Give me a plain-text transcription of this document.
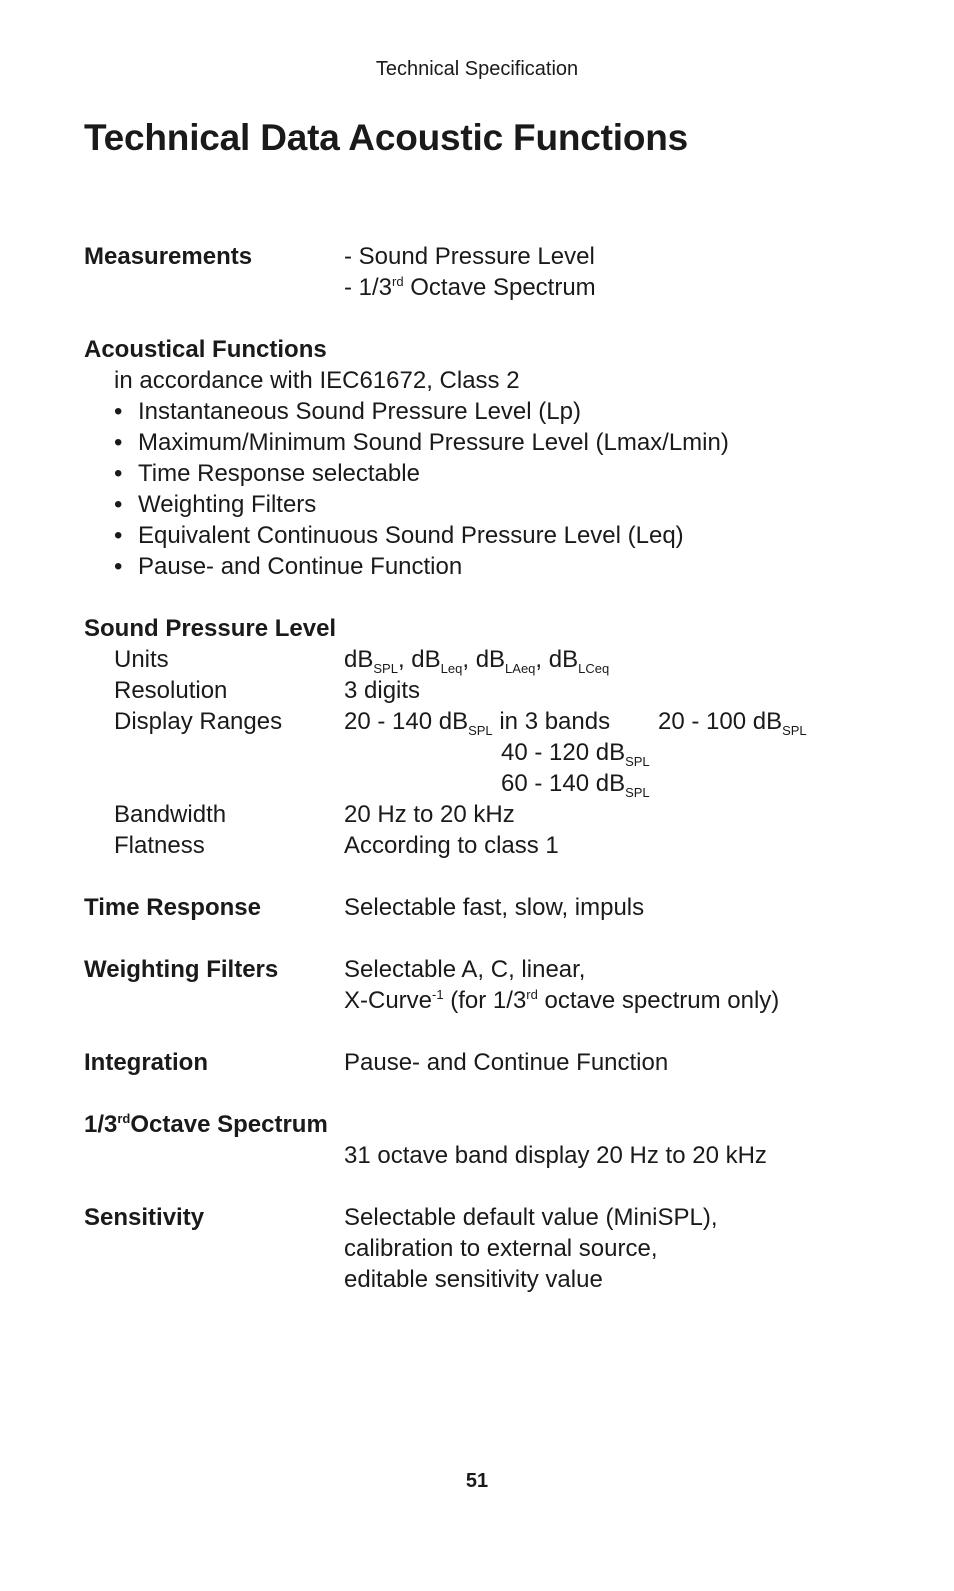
Technical Specification
Technical Data Acoustic Functions
Measurements	- Sound Pressure Level
- 1/3rd Octave Spectrum
Acoustical Functions
in accordance with IEC61672, Class 2
• Instantaneous Sound Pressure Level (Lp)
• Maximum/Minimum Sound Pressure Level (Lmax/Lmin)
• Time Response selectable
• Weighting Filters
• Equivalent Continuous Sound Pressure Level (Leq)
• Pause- and Continue Function
Sound Pressure Level
Units	$dB_{SPL}$, $dB_{Leq}$, $dB_{LAeq}$, $dB_{LCeq}$
Resolution	3 digits
Display Ranges	20 - 140 $dB_{SPL}$ in 3 bands 20 - 100 $dB_{SPL}$
40 - 120 $dB_{SPL}$
60 - 140 $dB_{SPL}$
Bandwidth	20 Hz to 20 kHz
Flatness	According to class 1
Time Response	Selectable fast, slow, impuls
Weighting Filters	Selectable A, C, linear,
X-Curve$^{-1}$ (for 1/3rd octave spectrum only)
Integration	Pause- and Continue Function
1/3rdOctave Spectrum
31 octave band display 20 Hz to 20 kHz
Sensitivity	Selectable default value (MiniSPL),
calibration to external source,
editable sensitivity value
51
